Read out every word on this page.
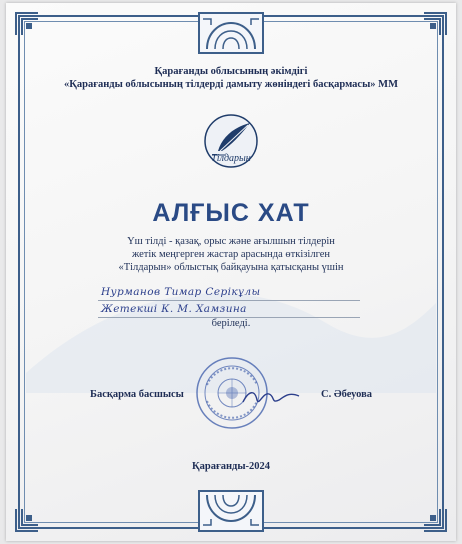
Қарағанды облысының әкімдігі
«Қарағанды облысының тілдерді дамыту жөніндегі басқармасы» ММ
Тілдарын
АЛҒЫС ХАТ
Үш тілді - қазақ, орыс және ағылшын тілдерін
жетік меңгерген жастар арасында өткізілген
«Тілдарын» облыстық байқауына қатысқаны үшін
Нурманов Тимар Серікұлы
Жетекші К. М. Хамзина
беріледі.
Басқарма басшысы	С. Әбеуова
Қарағанды-2024
